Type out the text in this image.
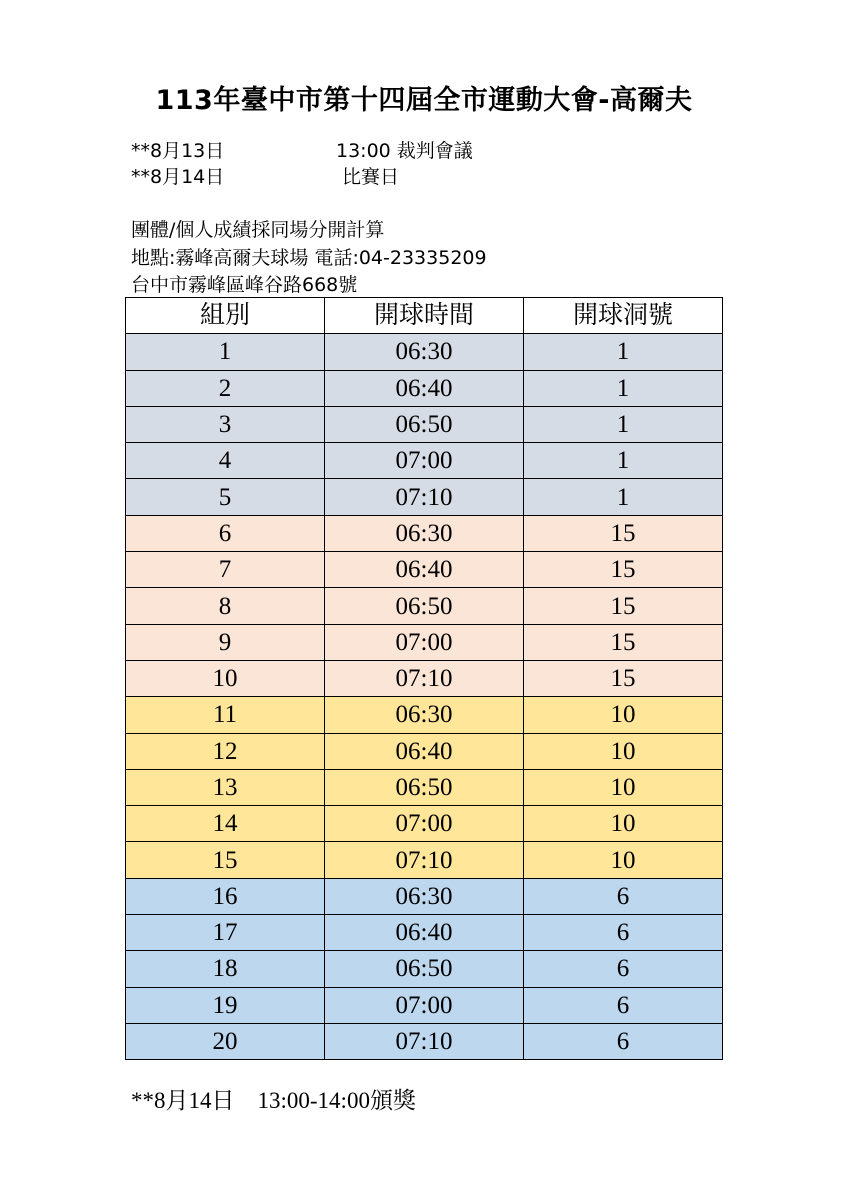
113年臺中市第十四屆全市運動大會-高爾夫
**8月13日	13:00 裁判會議
**8月14日	比賽日
團體/個人成績採同場分開計算
地點:霧峰高爾夫球場 電話:04-23335209
台中市霧峰區峰谷路668號
組別	開球時間	開球洞號
1	06:30	1
2	06:40	1
3	06:50	1
4	07:00	1
5	07:10	1
6	06:30	15
7	06:40	15
8	06:50	15
9	07:00	15
10	07:10	15
11	06:30	10
12	06:40	10
13	06:50	10
14	07:00	10
15	07:10	10
16	06:30	6
17	06:40	6
18	06:50	6
19	07:00	6
20	07:10	6
**8月14日　13:00-14:00頒獎
